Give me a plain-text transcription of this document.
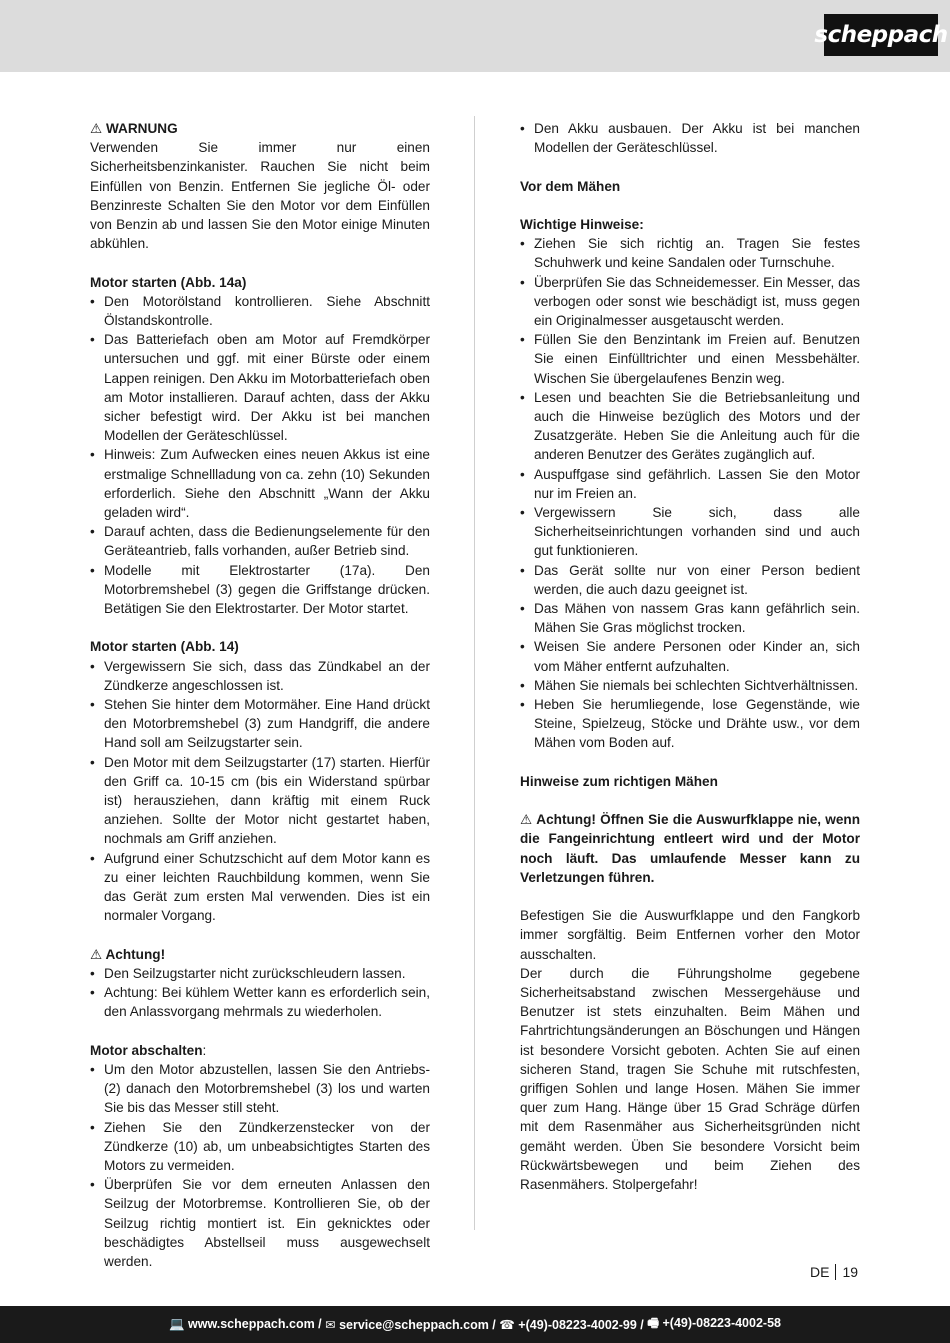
scheppach

⚠ WARNUNG

Verwenden Sie immer nur einen Sicherheitsbenzinkanister. Rauchen Sie nicht beim Einfüllen von Benzin. Entfernen Sie jegliche Öl- oder Benzinreste Schalten Sie den Motor vor dem Einfüllen von Benzin ab und lassen Sie den Motor einige Minuten abkühlen.

Motor starten (Abb. 14a)

• Den Motorölstand kontrollieren. Siehe Abschnitt Ölstandskontrolle.
• Das Batteriefach oben am Motor auf Fremdkörper untersuchen und ggf. mit einer Bürste oder einem Lappen reinigen. Den Akku im Motorbatteriefach oben am Motor installieren. Darauf achten, dass der Akku sicher befestigt wird. Der Akku ist bei manchen Modellen der Geräteschlüssel.
• Hinweis: Zum Aufwecken eines neuen Akkus ist eine erstmalige Schnellladung von ca. zehn (10) Sekunden erforderlich. Siehe den Abschnitt „Wann der Akku geladen wird“.
• Darauf achten, dass die Bedienungselemente für den Geräteantrieb, falls vorhanden, außer Betrieb sind.
• Modelle mit Elektrostarter (17a). Den Motorbremshebel (3) gegen die Griffstange drücken. Betätigen Sie den Elektrostarter. Der Motor startet.

Motor starten (Abb. 14)

• Vergewissern Sie sich, dass das Zündkabel an der Zündkerze angeschlossen ist.
• Stehen Sie hinter dem Motormäher. Eine Hand drückt den Motorbremshebel (3) zum Handgriff, die andere Hand soll am Seilzugstarter sein.
• Den Motor mit dem Seilzugstarter (17) starten. Hierfür den Griff ca. 10-15 cm (bis ein Widerstand spürbar ist) herausziehen, dann kräftig mit einem Ruck anziehen. Sollte der Motor nicht gestartet haben, nochmals am Griff anziehen.
• Aufgrund einer Schutzschicht auf dem Motor kann es zu einer leichten Rauchbildung kommen, wenn Sie das Gerät zum ersten Mal verwenden. Dies ist ein normaler Vorgang.

⚠ Achtung!

• Den Seilzugstarter nicht zurückschleudern lassen.
• Achtung: Bei kühlem Wetter kann es erforderlich sein, den Anlassvorgang mehrmals zu wiederholen.

Motor abschalten:

• Um den Motor abzustellen, lassen Sie den Antriebs- (2) danach den Motorbremshebel (3) los und warten Sie bis das Messer still steht.
• Ziehen Sie den Zündkerzenstecker von der Zündkerze (10) ab, um unbeabsichtigtes Starten des Motors zu vermeiden.
• Überprüfen Sie vor dem erneuten Anlassen den Seilzug der Motorbremse. Kontrollieren Sie, ob der Seilzug richtig montiert ist. Ein geknicktes oder beschädigtes Abstellseil muss ausgewechselt werden.
• Den Akku ausbauen. Der Akku ist bei manchen Modellen der Geräteschlüssel.

Vor dem Mähen

Wichtige Hinweise:

• Ziehen Sie sich richtig an. Tragen Sie festes Schuhwerk und keine Sandalen oder Turnschuhe.
• Überprüfen Sie das Schneidemesser. Ein Messer, das verbogen oder sonst wie beschädigt ist, muss gegen ein Originalmesser ausgetauscht werden.
• Füllen Sie den Benzintank im Freien auf. Benutzen Sie einen Einfülltrichter und einen Messbehälter. Wischen Sie übergelaufenes Benzin weg.
• Lesen und beachten Sie die Betriebsanleitung und auch die Hinweise bezüglich des Motors und der Zusatzgeräte. Heben Sie die Anleitung auch für die anderen Benutzer des Gerätes zugänglich auf.
• Auspuffgase sind gefährlich. Lassen Sie den Motor nur im Freien an.
• Vergewissern Sie sich, dass alle Sicherheitseinrichtungen vorhanden sind und auch gut funktionieren.
• Das Gerät sollte nur von einer Person bedient werden, die auch dazu geeignet ist.
• Das Mähen von nassem Gras kann gefährlich sein. Mähen Sie Gras möglichst trocken.
• Weisen Sie andere Personen oder Kinder an, sich vom Mäher entfernt aufzuhalten.
• Mähen Sie niemals bei schlechten Sichtverhältnissen.
• Heben Sie herumliegende, lose Gegenstände, wie Steine, Spielzeug, Stöcke und Drähte usw., vor dem Mähen vom Boden auf.

Hinweise zum richtigen Mähen

⚠ Achtung! Öffnen Sie die Auswurfklappe nie, wenn die Fangeinrichtung entleert wird und der Motor noch läuft. Das umlaufende Messer kann zu Verletzungen führen.

Befestigen Sie die Auswurfklappe und den Fangkorb immer sorgfältig. Beim Entfernen vorher den Motor ausschalten.

Der durch die Führungsholme gegebene Sicherheitsabstand zwischen Messergehäuse und Benutzer ist stets einzuhalten. Beim Mähen und Fahrtrichtungsänderungen an Böschungen und Hängen ist besondere Vorsicht geboten. Achten Sie auf einen sicheren Stand, tragen Sie Schuhe mit rutschfesten, griffigen Sohlen und lange Hosen. Mähen Sie immer quer zum Hang. Hänge über 15 Grad Schräge dürfen mit dem Rasenmäher aus Sicherheitsgründen nicht gemäht werden. Üben Sie besondere Vorsicht beim Rückwärtsbewegen und beim Ziehen des Rasenmähers. Stolpergefahr!

DE 19
💻 www.scheppach.com / ✉ service@scheppach.com / ☎ +(49)-08223-4002-99 / 🖷 +(49)-08223-4002-58
